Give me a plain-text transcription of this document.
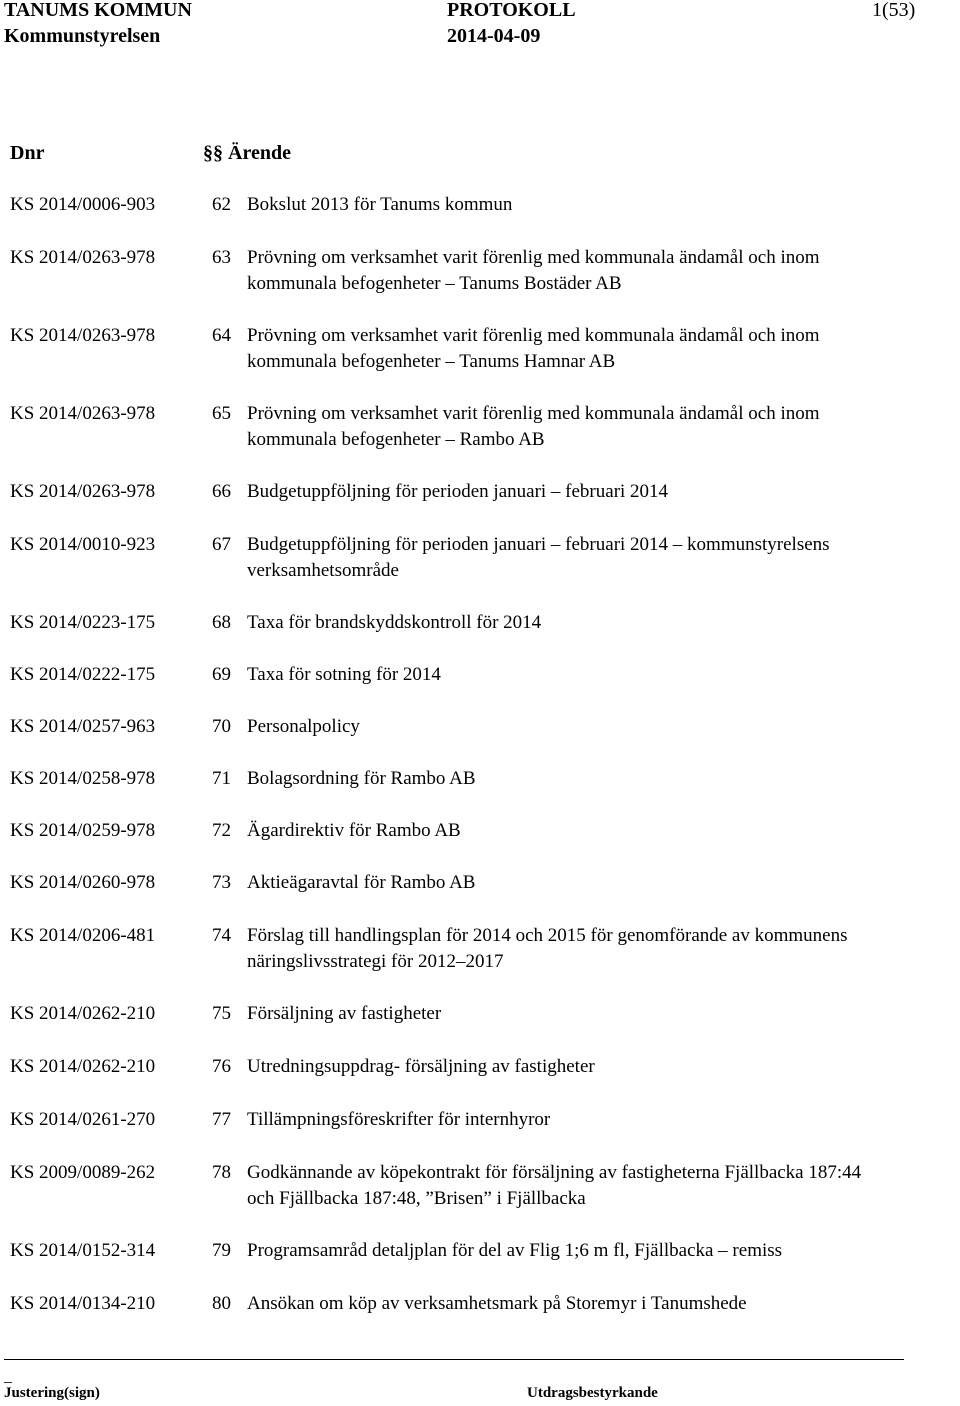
TANUMS KOMMUN
Kommunstyrelsen
PROTOKOLL
2014-04-09
1(53)
Dnr	§§ Ärende
KS 2014/0006-903	62 Bokslut 2013 för Tanums kommun
KS 2014/0263-978	63 Prövning om verksamhet varit förenlig med kommunala ändamål och inom
kommunala befogenheter – Tanums Bostäder AB
KS 2014/0263-978	64 Prövning om verksamhet varit förenlig med kommunala ändamål och inom
kommunala befogenheter – Tanums Hamnar AB
KS 2014/0263-978	65 Prövning om verksamhet varit förenlig med kommunala ändamål och inom
kommunala befogenheter – Rambo AB
KS 2014/0263-978	66 Budgetuppföljning för perioden januari – februari 2014
KS 2014/0010-923	67 Budgetuppföljning för perioden januari – februari 2014 – kommunstyrelsens
verksamhetsområde
KS 2014/0223-175	68 Taxa för brandskyddskontroll för 2014
KS 2014/0222-175	69 Taxa för sotning för 2014
KS 2014/0257-963	70 Personalpolicy
KS 2014/0258-978	71 Bolagsordning för Rambo AB
KS 2014/0259-978	72 Ägardirektiv för Rambo AB
KS 2014/0260-978	73 Aktieägaravtal för Rambo AB
KS 2014/0206-481	74 Förslag till handlingsplan för 2014 och 2015 för genomförande av kommunens
näringslivsstrategi för 2012–2017
KS 2014/0262-210	75 Försäljning av fastigheter
KS 2014/0262-210	76 Utredningsuppdrag- försäljning av fastigheter
KS 2014/0261-270	77 Tillämpningsföreskrifter för internhyror
KS 2009/0089-262	78 Godkännande av köpekontrakt för försäljning av fastigheterna Fjällbacka 187:44
och Fjällbacka 187:48, ”Brisen” i Fjällbacka
KS 2014/0152-314	79 Programsamråd detaljplan för del av Flig 1;6 m fl, Fjällbacka – remiss
KS 2014/0134-210	80 Ansökan om köp av verksamhetsmark på Storemyr i Tanumshede
_
Justering(sign)	Utdragsbestyrkande
